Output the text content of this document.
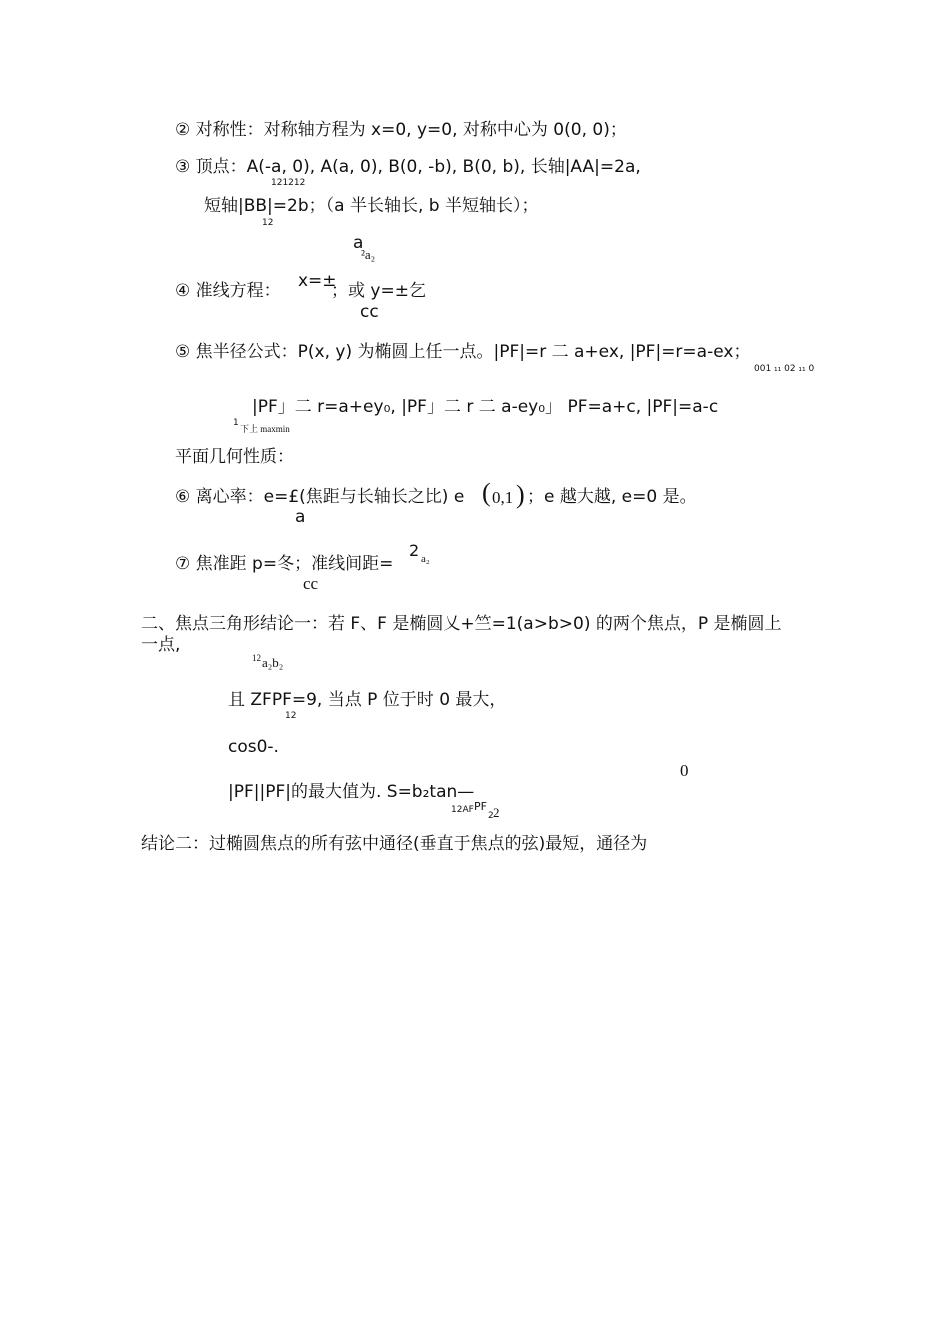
② 对称性：对称轴方程为 x=0, y=0, 对称中心为 0(0, 0)；
③ 顶点：A(-a, 0), A(a, 0), B(0, -b), B(0, b), 长轴|AA|=2a,
121212
短轴|BB|=2b；（a 半长轴长, b 半短轴长）；
12
a
²a₂
④ 准线方程： x=±
；或 y=±乞
cc
⑤ 焦半径公式：P(x, y) 为椭圆上任一点。|PF|=r 二 a+ex, |PF|=r=a-ex；
001 ₁₁ 02 ₁₁ 0
|PF」二 r=a+ey₀, |PF」二 r 二 a-ey₀」 PF=a+c, |PF|=a-c
1
下上 maxmin
平面几何性质：
⑥ 离心率：e=£(焦距与长轴长之比) e ( 0,1 ) ；e 越大越, e=0 是。
a
⑦ 焦准距 p=冬；准线间距=
2 a₂
cc
二、焦点三角形结论一：若 F、F 是椭圆乂+竺=1(a>b>0) 的两个焦点，P 是椭圆上
一点,
12 a₂b₂
且 ZFPF=9, 当点 P 位于时 0 最大，
12
cos0-.
0
|PF||PF|的最大值为. S=b₂tan—
12AF PF
2 2
结论二：过椭圆焦点的所有弦中通径(垂直于焦点的弦)最短，通径为
